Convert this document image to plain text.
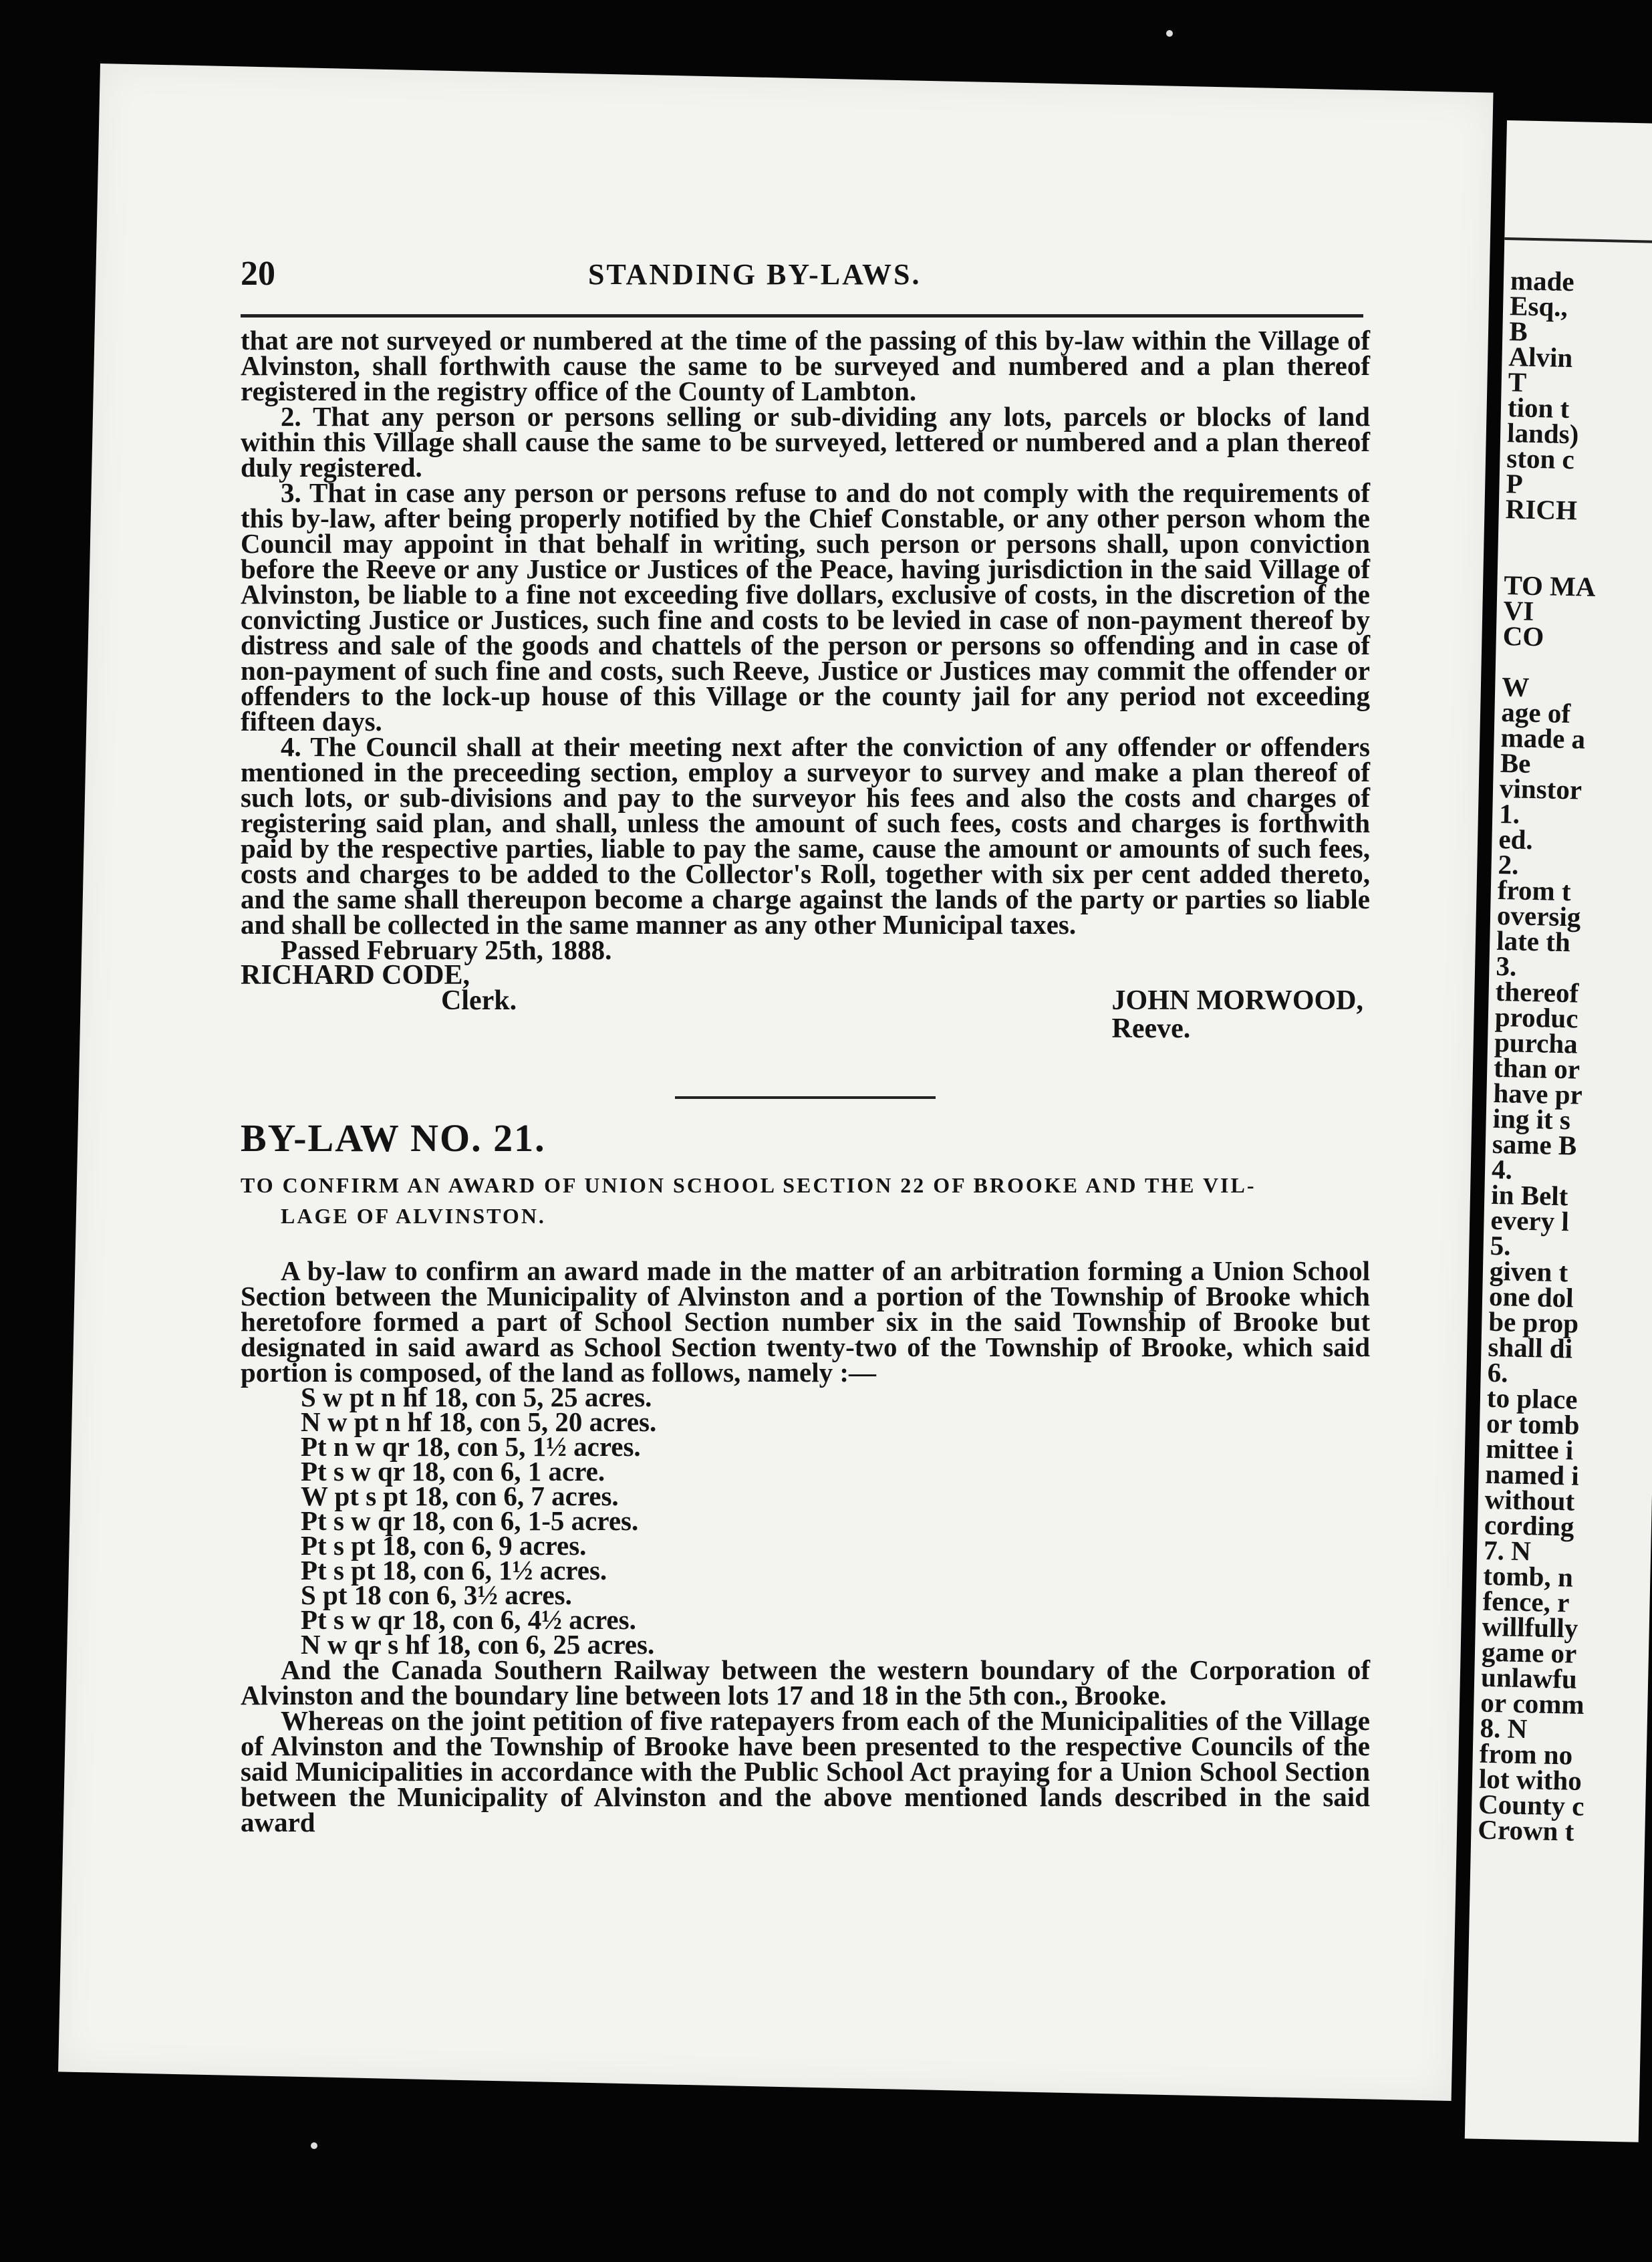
made
Esq.,
B
Alvin
T
tion t
lands)
ston c
P
RICH

TO MA
VI
CO

W
age of
made a
Be
vinstor
1.
ed.
2.
from t
oversig
late th
3.
thereof
produc
purcha
than or
have pr
ing it s
same B
4.
in Belt
every l
5.
given t
one dol
be prop
shall di
6.
to place
or tomb
mittee i
named i
without
cording
7. N
tomb, n
fence, r
willfully
game or
unlawfu
or comm
8. N
from no
lot witho
County c
Crown t
20	STANDING BY-LAWS.

that are not surveyed or numbered at the time of the passing of this by-law within the Village of Alvinston, shall forthwith cause the same to be surveyed and numbered and a plan thereof registered in the registry office of the County of Lambton.

2. That any person or persons selling or sub-dividing any lots, parcels or blocks of land within this Village shall cause the same to be surveyed, lettered or numbered and a plan thereof duly registered.

3. That in case any person or persons refuse to and do not comply with the requirements of this by-law, after being properly notified by the Chief Constable, or any other person whom the Council may appoint in that behalf in writing, such person or persons shall, upon conviction before the Reeve or any Justice or Justices of the Peace, having jurisdiction in the said Village of Alvinston, be liable to a fine not exceeding five dollars, exclusive of costs, in the discretion of the convicting Justice or Justices, such fine and costs to be levied in case of non-payment thereof by distress and sale of the goods and chattels of the person or persons so offending and in case of non-payment of such fine and costs, such Reeve, Justice or Justices may commit the offender or offenders to the lock-up house of this Village or the county jail for any period not exceeding fifteen days.

4. The Council shall at their meeting next after the conviction of any offender or offenders mentioned in the preceeding section, employ a surveyor to survey and make a plan thereof of such lots, or sub-divisions and pay to the surveyor his fees and also the costs and charges of registering said plan, and shall, unless the amount of such fees, costs and charges is forthwith paid by the respective parties, liable to pay the same, cause the amount or amounts of such fees, costs and charges to be added to the Collector's Roll, together with six per cent added thereto, and the same shall thereupon become a charge against the lands of the party or parties so liable and shall be collected in the same manner as any other Municipal taxes.

Passed February 25th, 1888.

RICHARD CODE,
Clerk.	JOHN MORWOOD,
Reeve.
BY-LAW NO. 21.
TO CONFIRM AN AWARD OF UNION SCHOOL SECTION 22 OF BROOKE AND THE VIL-
LAGE OF ALVINSTON.

A by-law to confirm an award made in the matter of an arbitration forming a Union School Section between the Municipality of Alvinston and a portion of the Township of Brooke which heretofore formed a part of School Section number six in the said Township of Brooke but designated in said award as School Section twenty-two of the Township of Brooke, which said portion is composed, of the land as follows, namely :—

S w pt n hf 18, con 5, 25 acres.
N w pt n hf 18, con 5, 20 acres.
Pt n w qr 18, con 5, 1½ acres.
Pt s w qr 18, con 6, 1 acre.
W pt s pt 18, con 6, 7 acres.
Pt s w qr 18, con 6, 1-5 acres.
Pt s pt 18, con 6, 9 acres.
Pt s pt 18, con 6, 1½ acres.
S pt 18 con 6, 3½ acres.
Pt s w qr 18, con 6, 4½ acres.
N w qr s hf 18, con 6, 25 acres.

And the Canada Southern Railway between the western boundary of the Corporation of Alvinston and the boundary line between lots 17 and 18 in the 5th con., Brooke.

Whereas on the joint petition of five ratepayers from each of the Municipalities of the Village of Alvinston and the Township of Brooke have been presented to the respective Councils of the said Municipalities in accordance with the Public School Act praying for a Union School Section between the Municipality of Alvinston and the above mentioned lands described in the said award
